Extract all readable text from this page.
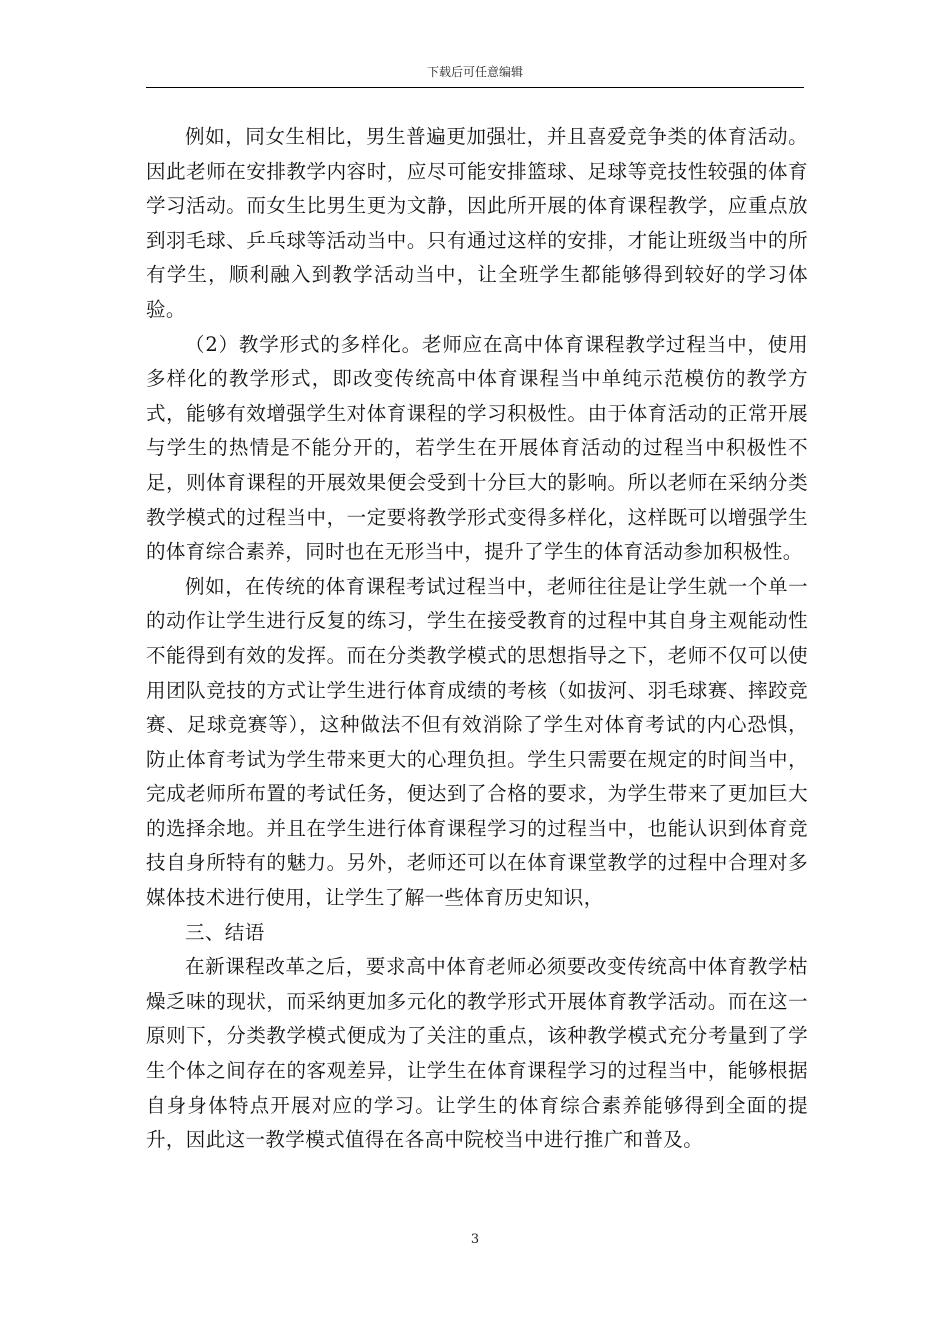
下载后可任意编辑

例如，同女生相比，男生普遍更加强壮，并且喜爱竞争类的体育活动。因此老师在安排教学内容时，应尽可能安排篮球、足球等竞技性较强的体育学习活动。而女生比男生更为文静，因此所开展的体育课程教学，应重点放到羽毛球、乒乓球等活动当中。只有通过这样的安排，才能让班级当中的所有学生，顺利融入到教学活动当中，让全班学生都能够得到较好的学习体验。

（2）教学形式的多样化。老师应在高中体育课程教学过程当中，使用多样化的教学形式，即改变传统高中体育课程当中单纯示范模仿的教学方式，能够有效增强学生对体育课程的学习积极性。由于体育活动的正常开展与学生的热情是不能分开的，若学生在开展体育活动的过程当中积极性不足，则体育课程的开展效果便会受到十分巨大的影响。所以老师在采纳分类教学模式的过程当中，一定要将教学形式变得多样化，这样既可以增强学生的体育综合素养，同时也在无形当中，提升了学生的体育活动参加积极性。

例如，在传统的体育课程考试过程当中，老师往往是让学生就一个单一的动作让学生进行反复的练习，学生在接受教育的过程中其自身主观能动性不能得到有效的发挥。而在分类教学模式的思想指导之下，老师不仅可以使用团队竞技的方式让学生进行体育成绩的考核（如拔河、羽毛球赛、摔跤竞赛、足球竞赛等），这种做法不但有效消除了学生对体育考试的内心恐惧，防止体育考试为学生带来更大的心理负担。学生只需要在规定的时间当中，完成老师所布置的考试任务，便达到了合格的要求，为学生带来了更加巨大的选择余地。并且在学生进行体育课程学习的过程当中，也能认识到体育竞技自身所特有的魅力。另外，老师还可以在体育课堂教学的过程中合理对多媒体技术进行使用，让学生了解一些体育历史知识，

三、结语

在新课程改革之后，要求高中体育老师必须要改变传统高中体育教学枯燥乏味的现状，而采纳更加多元化的教学形式开展体育教学活动。而在这一原则下，分类教学模式便成为了关注的重点，该种教学模式充分考量到了学生个体之间存在的客观差异，让学生在体育课程学习的过程当中，能够根据自身身体特点开展对应的学习。让学生的体育综合素养能够得到全面的提升，因此这一教学模式值得在各高中院校当中进行推广和普及。

3
